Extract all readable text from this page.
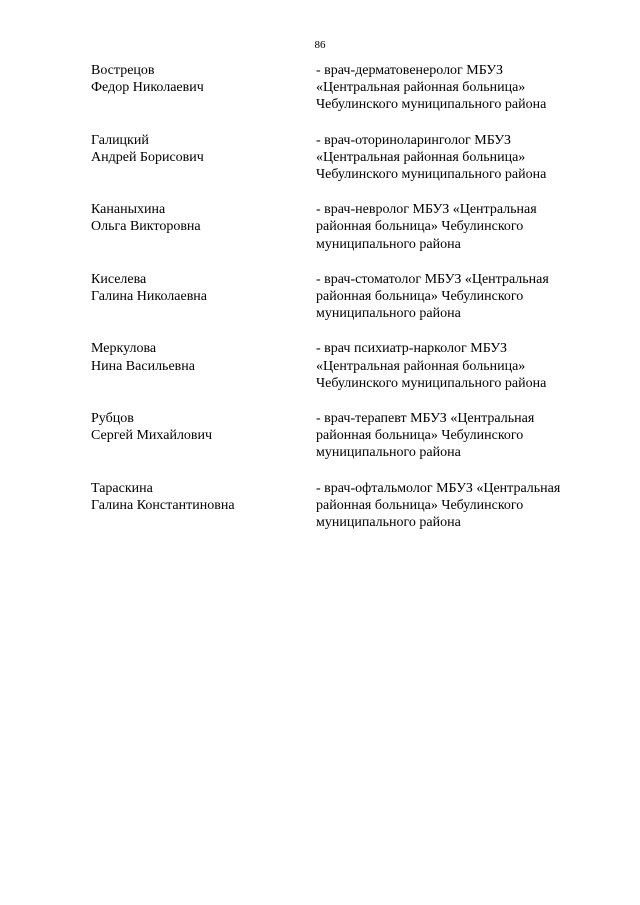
86
Вострецов
Федор Николаевич
- врач-дерматовенеролог МБУЗ
«Центральная районная больница»
Чебулинского муниципального района
Галицкий
Андрей Борисович
- врач-оториноларинголог МБУЗ
«Центральная районная больница»
Чебулинского муниципального района
Кананыхина
Ольга Викторовна
- врач-невролог МБУЗ «Центральная
районная больница» Чебулинского
муниципального района
Киселева
Галина Николаевна
- врач-стоматолог МБУЗ «Центральная
районная больница» Чебулинского
муниципального района
Меркулова
Нина Васильевна
- врач психиатр-нарколог МБУЗ
«Центральная районная больница»
Чебулинского муниципального района
Рубцов
Сергей Михайлович
- врач-терапевт МБУЗ «Центральная
районная больница» Чебулинского
муниципального района
Тараскина
Галина Константиновна
- врач-офтальмолог МБУЗ «Центральная
районная больница» Чебулинского
муниципального района
